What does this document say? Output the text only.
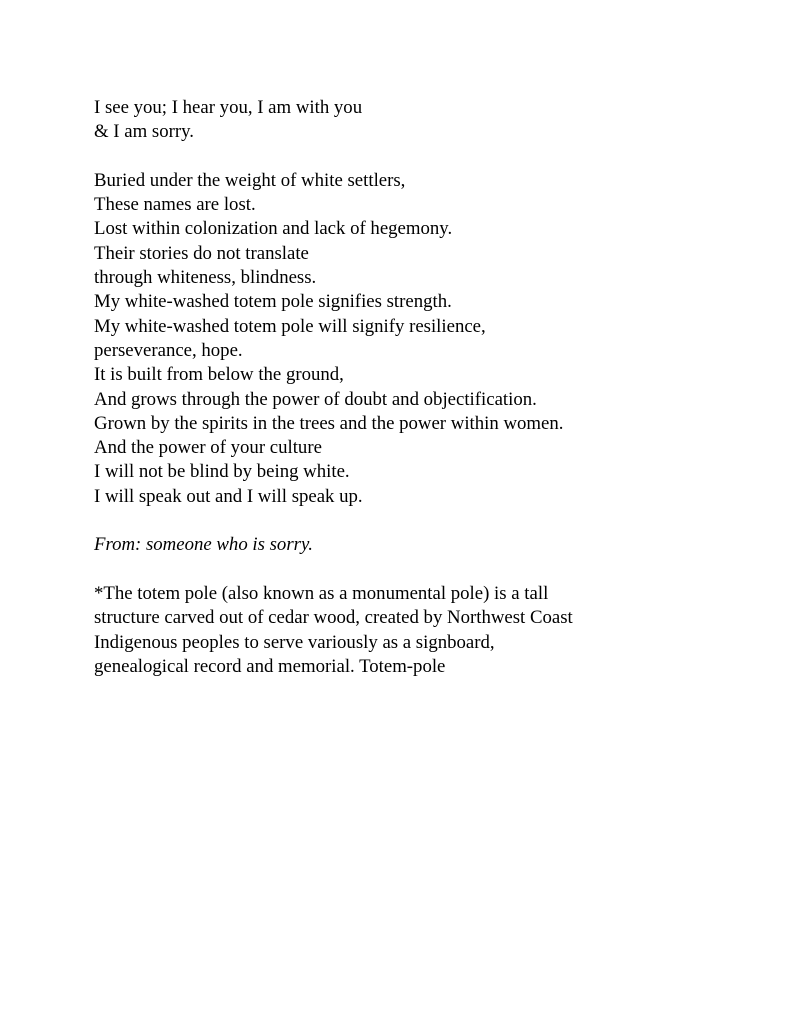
I see you; I hear you, I am with you
& I am sorry.
Buried under the weight of white settlers,
These names are lost.
Lost within colonization and lack of hegemony.
Their stories do not translate
through whiteness, blindness.
My white-washed totem pole signifies strength.
My white-washed totem pole will signify resilience,
perseverance, hope.
It is built from below the ground,
And grows through the power of doubt and objectification.
Grown by the spirits in the trees and the power within women.
And the power of your culture
I will not be blind by being white.
I will speak out and I will speak up.
From: someone who is sorry.
*The totem pole (also known as a monumental pole) is a tall
structure carved out of cedar wood, created by Northwest Coast
Indigenous peoples to serve variously as a signboard,
genealogical record and memorial. Totem-pole
